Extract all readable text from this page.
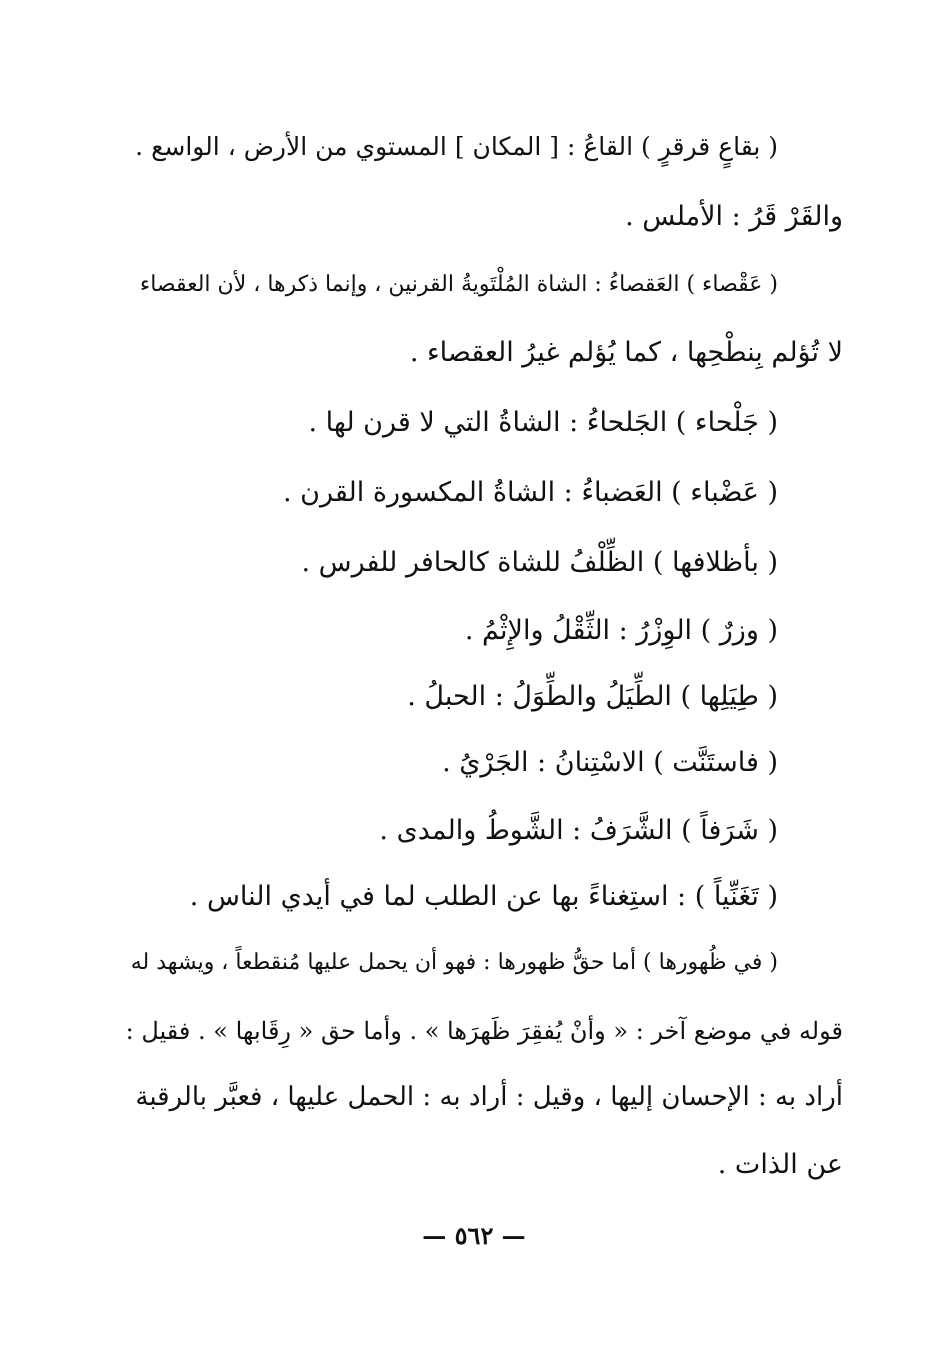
( بقاعٍ قرقرٍ ) القاعُ : [ المكان ] المستوي من الأرض ، الواسع .
والقَرْ قَرُ : الأملس .
( عَقْصاء ) العَقصاءُ : الشاة المُلْتَويةُ القرنين ، وإنما ذكرها ، لأن العقصاء
لا تُؤلم بِنطْحِها ، كما يُؤلم غيرُ العقصاء .
( جَلْحاء ) الجَلحاءُ : الشاةُ التي لا قرن لها .
( عَضْباء ) العَضباءُ : الشاةُ المكسورة القرن .
( بأظلافها ) الظِّلْفُ للشاة كالحافر للفرس .
( وزرٌ ) الوِزْرُ : الثِّقْلُ والإِثْمُ .
( طِيَلِها ) الطِّيَلُ والطِّوَلُ : الحبلُ .
( فاستَنَّت ) الاسْتِنانُ : الجَرْيُ .
( شَرَفاً ) الشَّرَفُ : الشَّوطُ والمدى .
( تَغَنِّياً ) : استِغناءً بها عن الطلب لما في أيدي الناس .
( في ظُهورها ) أما حقُّ ظهورها : فهو أن يحمل عليها مُنقطعاً ، ويشهد له
قوله في موضع آخر : « وأنْ يُفقِرَ ظَهرَها » . وأما حق « رِقَابها » . فقيل :
أراد به : الإحسان إليها ، وقيل : أراد به : الحمل عليها ، فعبَّر بالرقبة
عن الذات .
— ٥٦٢ —
